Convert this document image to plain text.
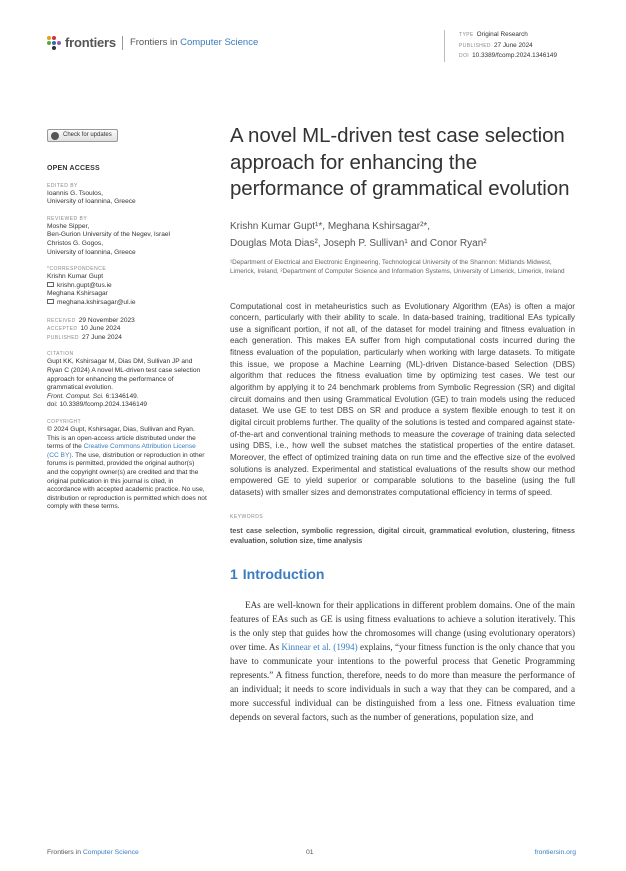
frontiers Frontiers in Computer Science
TYPE Original Research
PUBLISHED 27 June 2024
DOI 10.3389/fcomp.2024.1346149
Check for updates
OPEN ACCESS
EDITED BY
Ioannis G. Tsoulos,
University of Ioannina, Greece
REVIEWED BY
Moshe Sipper,
Ben-Gurion University of the Negev, Israel
Christos G. Gogos,
University of Ioannina, Greece
*CORRESPONDENCE
Krishn Kumar Gupt
krishn.gupt@tus.ie
Meghana Kshirsagar
meghana.kshirsagar@ul.ie
RECEIVED 29 November 2023
ACCEPTED 10 June 2024
PUBLISHED 27 June 2024
CITATION
Gupt KK, Kshirsagar M, Dias DM, Sullivan JP and Ryan C (2024) A novel ML-driven test case selection approach for enhancing the performance of grammatical evolution.
Front. Comput. Sci. 6:1346149.
doi: 10.3389/fcomp.2024.1346149
COPYRIGHT
© 2024 Gupt, Kshirsagar, Dias, Sullivan and Ryan. This is an open-access article distributed under the terms of the Creative Commons Attribution License (CC BY). The use, distribution or reproduction in other forums is permitted, provided the original author(s) and the copyright owner(s) are credited and that the original publication in this journal is cited, in accordance with accepted academic practice. No use, distribution or reproduction is permitted which does not comply with these terms.
A novel ML-driven test case selection approach for enhancing the performance of grammatical evolution
Krishn Kumar Gupt¹*, Meghana Kshirsagar²*,
Douglas Mota Dias², Joseph P. Sullivan¹ and Conor Ryan²
¹Department of Electrical and Electronic Engineering, Technological University of the Shannon: Midlands Midwest, Limerick, Ireland, ²Department of Computer Science and Information Systems, University of Limerick, Limerick, Ireland

Computational cost in metaheuristics such as Evolutionary Algorithm (EAs) is often a major concern, particularly with their ability to scale. In data-based training, traditional EAs typically use a significant portion, if not all, of the dataset for model training and fitness evaluation in each generation. This makes EA suffer from high computational costs incurred during the fitness evaluation of the population, particularly when working with large datasets. To mitigate this issue, we propose a Machine Learning (ML)-driven Distance-based Selection (DBS) algorithm that reduces the fitness evaluation time by optimizing test cases. We test our algorithm by applying it to 24 benchmark problems from Symbolic Regression (SR) and digital circuit domains and then using Grammatical Evolution (GE) to train models using the reduced dataset. We use GE to test DBS on SR and produce a system flexible enough to test it on digital circuit problems further. The quality of the solutions is tested and compared against state-of-the-art and conventional training methods to measure the coverage of training data selected using DBS, i.e., how well the subset matches the statistical properties of the entire dataset. Moreover, the effect of optimized training data on run time and the effective size of the evolved solutions is analyzed. Experimental and statistical evaluations of the results show our method empowered GE to yield superior or comparable solutions to the baseline (using the full datasets) with smaller sizes and demonstrates computational efficiency in terms of speed.

KEYWORDS
test case selection, symbolic regression, digital circuit, grammatical evolution, clustering, fitness evaluation, solution size, time analysis
1 Introduction

EAs are well-known for their applications in different problem domains. One of the main features of EAs such as GE is using fitness evaluations to achieve a solution iteratively. This is the only step that guides how the chromosomes will change (using evolutionary operators) over time. As Kinnear et al. (1994) explains, “your fitness function is the only chance that you have to communicate your intentions to the powerful process that Genetic Programming represents.” A fitness function, therefore, needs to do more than measure the performance of an individual; it needs to score individuals in such a way that they can be compared, and a more successful individual can be distinguished from a less one. Fitness evaluation time depends on several factors, such as the number of generations, population size, and

Frontiers in Computer Science	01	frontiersin.org
